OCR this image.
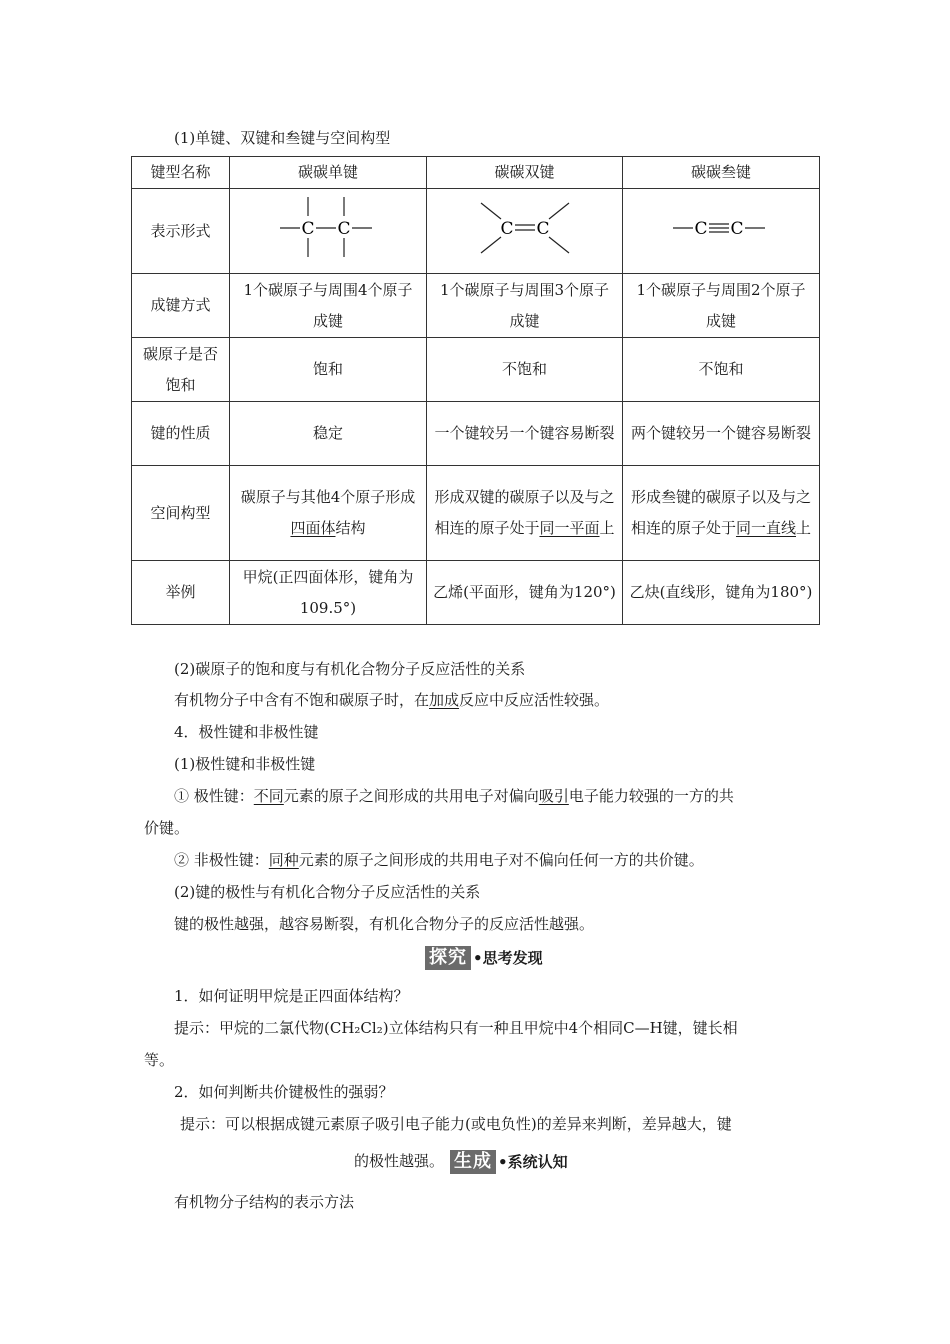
(1)单键、双键和叁键与空间构型
键型名称	碳碳单键	碳碳双键	碳碳叁键
表示形式	C C	C C	C C

成键方式	1个碳原子与周围4个原子成键	1个碳原子与周围3个原子成键	1个碳原子与周围2个原子成键
碳原子是否饱和	饱和	不饱和	不饱和
键的性质	稳定	一个键较另一个键容易断裂	两个键较另一个键容易断裂
空间构型	碳原子与其他4个原子形成四面体结构	形成双键的碳原子以及与之相连的原子处于同一平面上	形成叁键的碳原子以及与之相连的原子处于同一直线上
举例	甲烷(正四面体形，键角为109.5°)	乙烯(平面形，键角为120°)	乙炔(直线形，键角为180°)
(2)碳原子的饱和度与有机化合物分子反应活性的关系
有机物分子中含有不饱和碳原子时，在加成反应中反应活性较强。
4．极性键和非极性键
(1)极性键和非极性键
① 极性键：不同元素的原子之间形成的共用电子对偏向吸引电子能力较强的一方的共
价键。
② 非极性键：同种元素的原子之间形成的共用电子对不偏向任何一方的共价键。
(2)键的极性与有机化合物分子反应活性的关系
键的极性越强，越容易断裂，有机化合物分子的反应活性越强。
探究 •思考发现
1．如何证明甲烷是正四面体结构？
提示：甲烷的二氯代物(CH₂Cl₂)立体结构只有一种且甲烷中4个相同C—H键，键长相
等。
2．如何判断共价键极性的强弱？
提示：可以根据成键元素原子吸引电子能力(或电负性)的差异来判断，差异越大，键
的极性越强。 生成 •系统认知
有机物分子结构的表示方法
